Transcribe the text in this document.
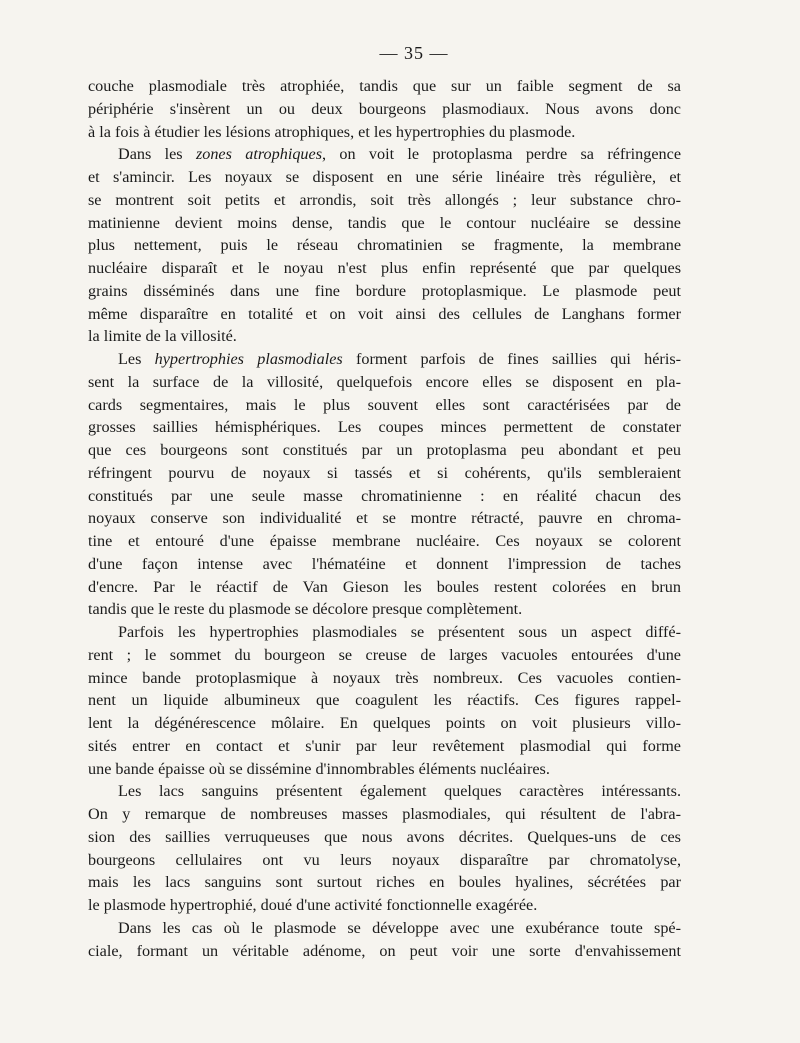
— 35 —
couche plasmodiale très atrophiée, tandis que sur un faible segment de sa
périphérie s'insèrent un ou deux bourgeons plasmodiaux. Nous avons donc
à la fois à étudier les lésions atrophiques, et les hypertrophies du plasmode.
Dans les zones atrophiques, on voit le protoplasma perdre sa réfringence
et s'amincir. Les noyaux se disposent en une série linéaire très régulière, et
se montrent soit petits et arrondis, soit très allongés ; leur substance chro-
matinienne devient moins dense, tandis que le contour nucléaire se dessine
plus nettement, puis le réseau chromatinien se fragmente, la membrane
nucléaire disparaît et le noyau n'est plus enfin représenté que par quelques
grains disséminés dans une fine bordure protoplasmique. Le plasmode peut
même disparaître en totalité et on voit ainsi des cellules de Langhans former
la limite de la villosité.
Les hypertrophies plasmodiales forment parfois de fines saillies qui héris-
sent la surface de la villosité, quelquefois encore elles se disposent en pla-
cards segmentaires, mais le plus souvent elles sont caractérisées par de
grosses saillies hémisphériques. Les coupes minces permettent de constater
que ces bourgeons sont constitués par un protoplasma peu abondant et peu
réfringent pourvu de noyaux si tassés et si cohérents, qu'ils sembleraient
constitués par une seule masse chromatinienne : en réalité chacun des
noyaux conserve son individualité et se montre rétracté, pauvre en chroma-
tine et entouré d'une épaisse membrane nucléaire. Ces noyaux se colorent
d'une façon intense avec l'hématéine et donnent l'impression de taches
d'encre. Par le réactif de Van Gieson les boules restent colorées en brun
tandis que le reste du plasmode se décolore presque complètement.
Parfois les hypertrophies plasmodiales se présentent sous un aspect diffé-
rent ; le sommet du bourgeon se creuse de larges vacuoles entourées d'une
mince bande protoplasmique à noyaux très nombreux. Ces vacuoles contien-
nent un liquide albumineux que coagulent les réactifs. Ces figures rappel-
lent la dégénérescence môlaire. En quelques points on voit plusieurs villo-
sités entrer en contact et s'unir par leur revêtement plasmodial qui forme
une bande épaisse où se dissémine d'innombrables éléments nucléaires.
Les lacs sanguins présentent également quelques caractères intéressants.
On y remarque de nombreuses masses plasmodiales, qui résultent de l'abra-
sion des saillies verruqueuses que nous avons décrites. Quelques-uns de ces
bourgeons cellulaires ont vu leurs noyaux disparaître par chromatolyse,
mais les lacs sanguins sont surtout riches en boules hyalines, sécrétées par
le plasmode hypertrophié, doué d'une activité fonctionnelle exagérée.
Dans les cas où le plasmode se développe avec une exubérance toute spé-
ciale, formant un véritable adénome, on peut voir une sorte d'envahissement
